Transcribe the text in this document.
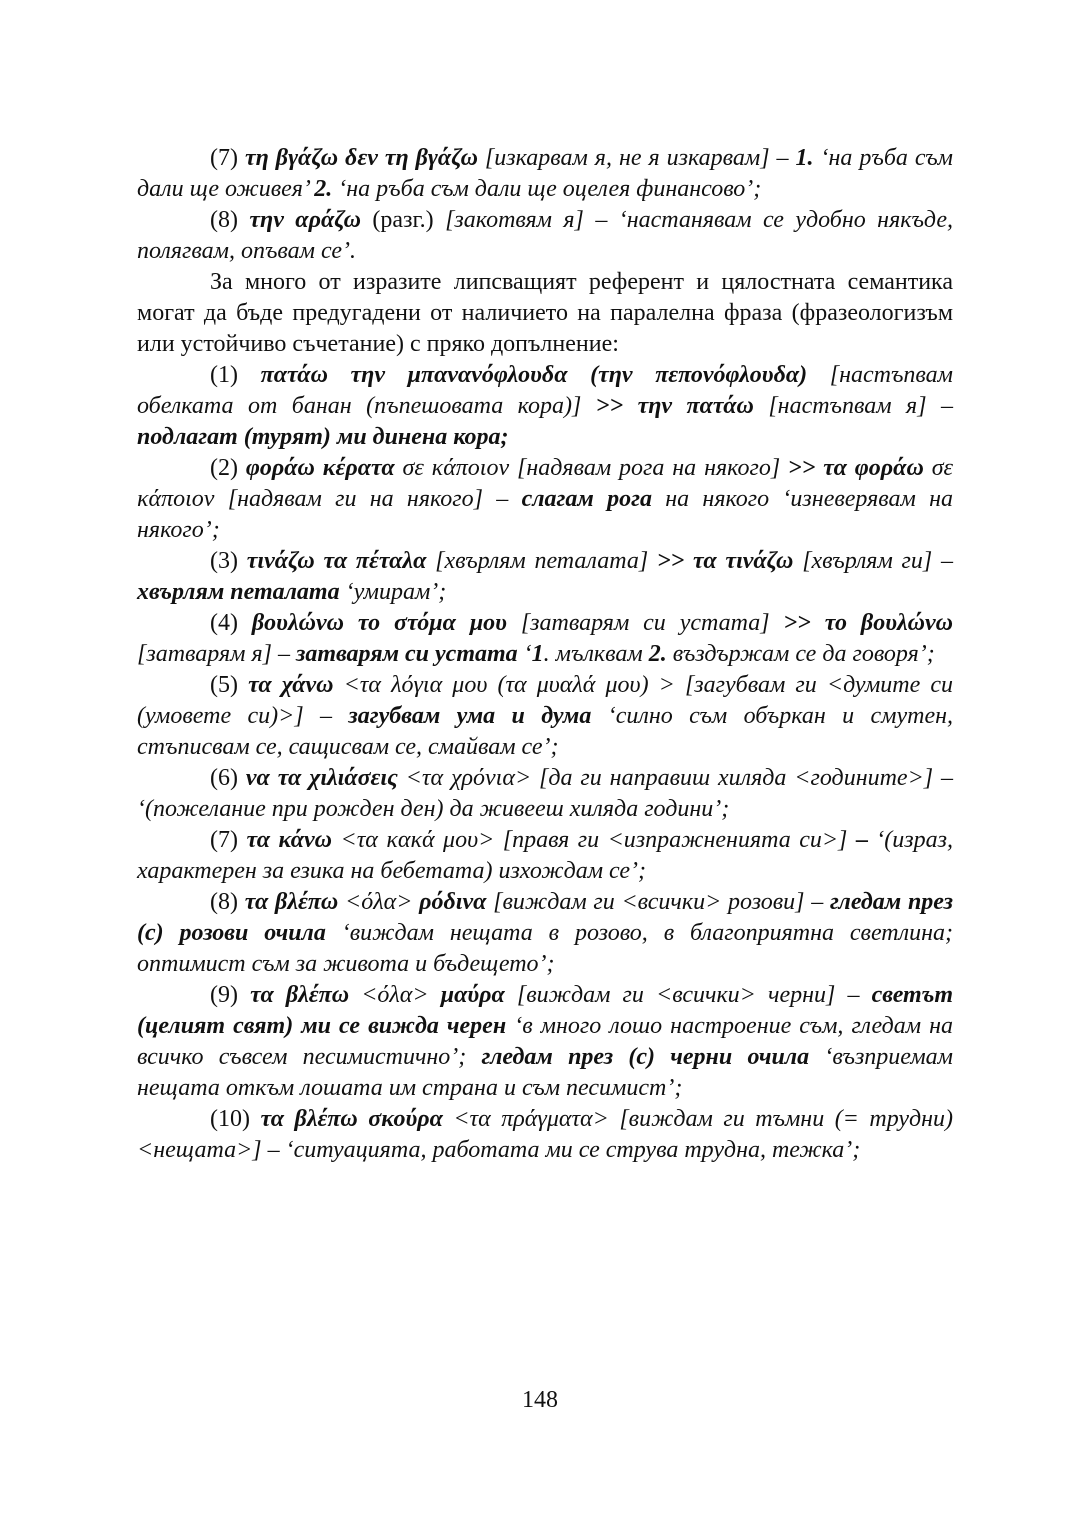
(7) τη βγάζω δεν τη βγάζω [изкарвам я, не я изкарвам] – 1. ‘на ръба съм дали ще оживея’ 2. ‘на ръба съм дали ще оцелея финансово’;

(8) την αράζω (разг.) [закотвям я] – ‘настанявам се удобно някъде, полягвам, опъвам се’.

За много от изразите липсващият референт и цялостната семантика могат да бъде предугадени от наличието на паралелна фраза (фразеологизъм или устойчиво съчетание) с пряко допълнение:

(1) πατάω την μπανανόφλουδα (την πεπονόφλουδα) [настъпвам обелката от банан (пъпешовата кора)] >> την πατάω [настъпвам я] – подлагат (турят) ми динена кора;

(2) φοράω κέρατα σε κάποιον [надявам рога на някого] >> τα φοράω σε κάποιον [надявам ги на някого] – слагам рога на някого ‘изневерявам на някого’;

(3) τινάζω τα πέταλα [хвърлям петалата] >> τα τινάζω [хвърлям ги] – хвърлям петалата ‘умирам’;

(4) βουλώνω το στόμα μου [затварям си устата] >> το βουλώνω [затварям я] – затварям си устата ‘1. мълквам 2. въздържам се да говоря’;

(5) τα χάνω <τα λόγια μου (τα μυαλά μου) > [загубвам ги <думите си (умовете си)>] – загубвам ума и дума ‘силно съм объркан и смутен, стъписвам се, сащисвам се, смайвам се’;

(6) να τα χιλιάσεις <τα χρόνια> [да ги направиш хиляда <годините>] – ‘(пожелание при рожден ден) да живееш хиляда години’;

(7) τα κάνω <τα κακά μου> [правя ги <изпражненията си>] – ‘(израз, характерен за езика на бебетата) изхождам се’;

(8) τα βλέπω <όλα> ρόδινα [виждам ги <всички> розови] – гледам през (с) розови очила ‘виждам нещата в розово, в благоприятна светлина; оптимист съм за живота и бъдещето’;

(9) τα βλέπω <όλα> μαύρα [виждам ги <всички> черни] – светът (целият свят) ми се вижда черен ‘в много лошо настроение съм, гледам на всичко съвсем песимистично’; гледам през (с) черни очила ‘възприемам нещата откъм лошата им страна и съм песимист’;

(10) τα βλέπω σκούρα <τα πράγματα> [виждам ги тъмни (= трудни) <нещата>] – ‘ситуацията, работата ми се струва трудна, тежка’;

148
